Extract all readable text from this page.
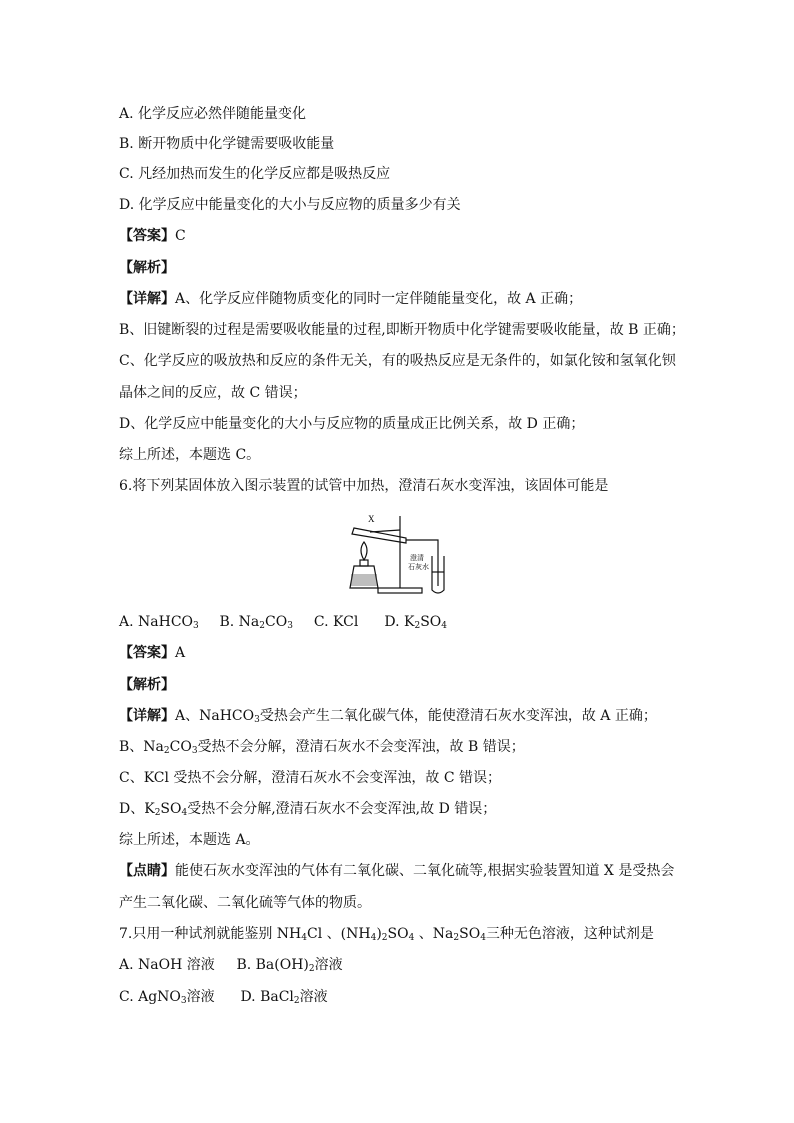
A. 化学反应必然伴随能量变化
B. 断开物质中化学键需要吸收能量
C. 凡经加热而发生的化学反应都是吸热反应
D. 化学反应中能量变化的大小与反应物的质量多少有关
【答案】C
【解析】
【详解】A、化学反应伴随物质变化的同时一定伴随能量变化，故 A 正确；
B、旧键断裂的过程是需要吸收能量的过程,即断开物质中化学键需要吸收能量，故 B 正确；
C、化学反应的吸放热和反应的条件无关，有的吸热反应是无条件的，如氯化铵和氢氧化钡
晶体之间的反应，故 C 错误；
D、化学反应中能量变化的大小与反应物的质量成正比例关系，故 D 正确；
综上所述，本题选 C。
6.将下列某固体放入图示装置的试管中加热，澄清石灰水变浑浊，该固体可能是
X
澄清
石灰水
A. NaHCO$_3$ B. $Na_2CO_3$ C. KCl D. $K_2SO_4$
【答案】A
【解析】
【详解】A、NaHCO$_3$受热会产生二氧化碳气体，能使澄清石灰水变浑浊，故 A 正确；
B、$Na_2CO_3$受热不会分解，澄清石灰水不会变浑浊，故 B 错误；
C、KCl 受热不会分解，澄清石灰水不会变浑浊，故 C 错误；
D、$K_2SO_4$受热不会分解,澄清石灰水不会变浑浊,故 D 错误；
综上所述，本题选 A。
【点睛】能使石灰水变浑浊的气体有二氧化碳、二氧化硫等,根据实验装置知道 X 是受热会
产生二氧化碳、二氧化硫等气体的物质。
7.只用一种试剂就能鉴别 $NH_4Cl$ 、$(NH_4)_2SO_4$ 、$Na_2SO_4$三种无色溶液，这种试剂是
A. NaOH 溶液 B. $Ba(OH)_2$溶液
C. AgNO$_3$溶液 D. BaCl$_2$溶液
